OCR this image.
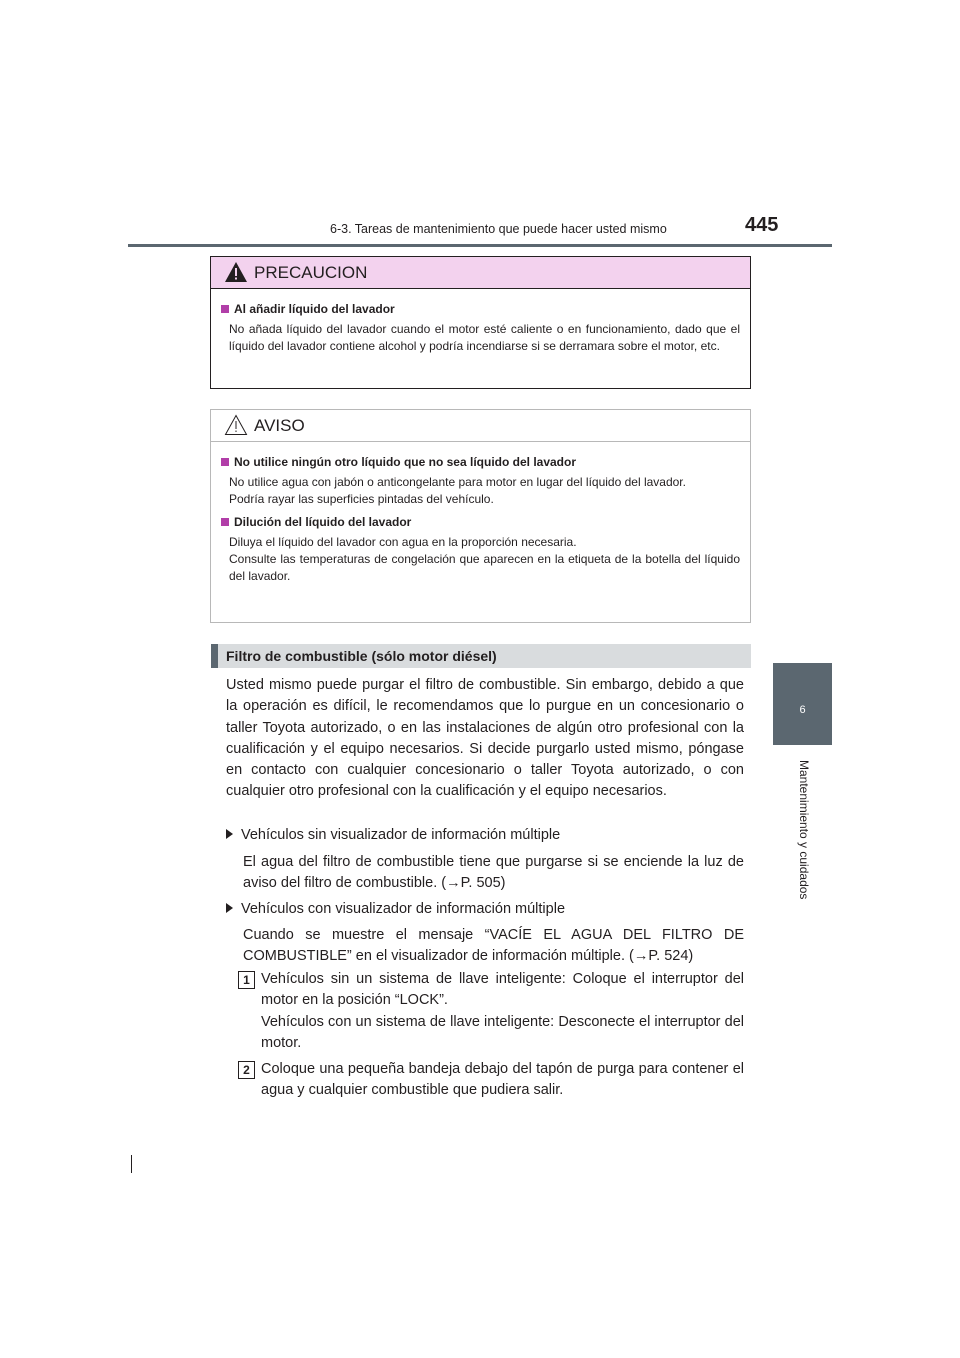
6-3. Tareas de mantenimiento que puede hacer usted mismo	445
6
Mantenimiento y cuidados
PRECAUCION
Al añadir líquido del lavador
No añada líquido del lavador cuando el motor esté caliente o en funcionamiento, dado que el líquido del lavador contiene alcohol y podría incendiarse si se derramara sobre el motor, etc.
AVISO
No utilice ningún otro líquido que no sea líquido del lavador
No utilice agua con jabón o anticongelante para motor en lugar del líquido del lavador.
Podría rayar las superficies pintadas del vehículo.
Dilución del líquido del lavador
Diluya el líquido del lavador con agua en la proporción necesaria.
Consulte las temperaturas de congelación que aparecen en la etiqueta de la botella del líquido del lavador.
Filtro de combustible (sólo motor diésel)
Usted mismo puede purgar el filtro de combustible. Sin embargo, debido a que la operación es difícil, le recomendamos que lo purgue en un concesionario o taller Toyota autorizado, o en las instalaciones de algún otro profesional con la cualificación y el equipo necesarios. Si decide purgarlo usted mismo, póngase en contacto con cualquier concesionario o taller Toyota autorizado, o con cualquier otro profesional con la cualificación y el equipo necesarios.
Vehículos sin visualizador de información múltiple
El agua del filtro de combustible tiene que purgarse si se enciende la luz de aviso del filtro de combustible. (→P. 505)
Vehículos con visualizador de información múltiple
Cuando se muestre el mensaje “VACÍE EL AGUA DEL FILTRO DE COMBUSTIBLE” en el visualizador de información múltiple. (→P. 524)
1 Vehículos sin un sistema de llave inteligente: Coloque el interruptor del motor en la posición “LOCK”.
Vehículos con un sistema de llave inteligente: Desconecte el interruptor del motor.
2 Coloque una pequeña bandeja debajo del tapón de purga para contener el agua y cualquier combustible que pudiera salir.
